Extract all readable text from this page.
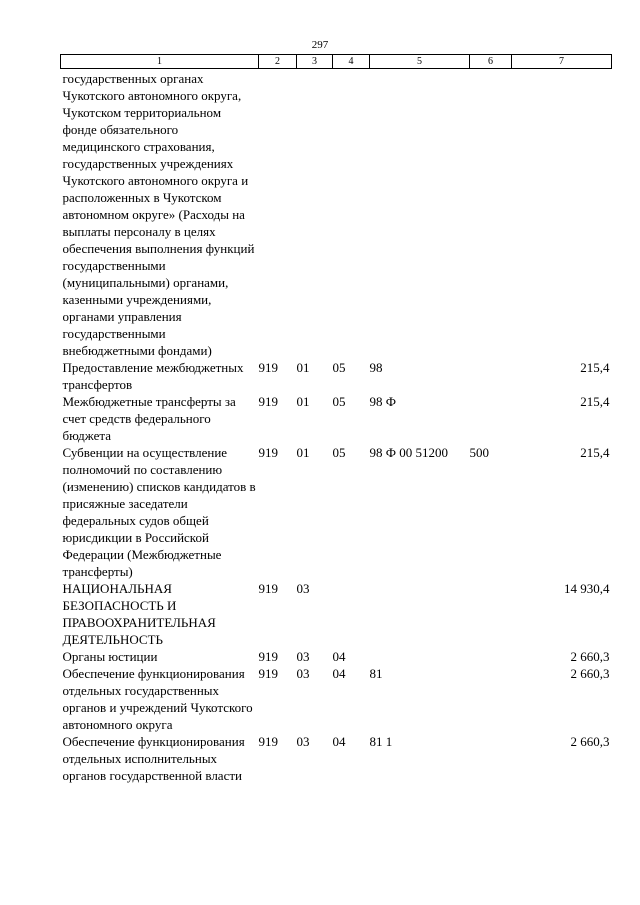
297
1	2	3	4	5	6	7
государственных органах Чукотского автономного округа, Чукотском территориальном фонде обязательного медицинского страхования, государственных учреждениях Чукотского автономного округа и расположенных в Чукотском автономном округе» (Расходы на выплаты персоналу в целях обеспечения выполнения функций государственными (муниципальными) органами, казенными учреждениями, органами управления государственными внебюджетными фондами)						
Предоставление межбюджетных трансфертов	919	01	05	98		215,4
Межбюджетные трансферты за счет средств федерального бюджета	919	01	05	98 Ф		215,4
Субвенции на осуществление полномочий по составлению (изменению) списков кандидатов в присяжные заседатели федеральных судов общей юрисдикции в Российской Федерации (Межбюджетные трансферты)	919	01	05	98 Ф 00 51200	500	215,4
НАЦИОНАЛЬНАЯ БЕЗОПАСНОСТЬ И ПРАВООХРАНИТЕЛЬНАЯ ДЕЯТЕЛЬНОСТЬ	919	03				14 930,4
Органы юстиции	919	03	04			2 660,3
Обеспечение функционирования отдельных государственных органов и учреждений Чукотского автономного округа	919	03	04	81		2 660,3
Обеспечение функционирования отдельных исполнительных органов государственной власти	919	03	04	81 1		2 660,3
